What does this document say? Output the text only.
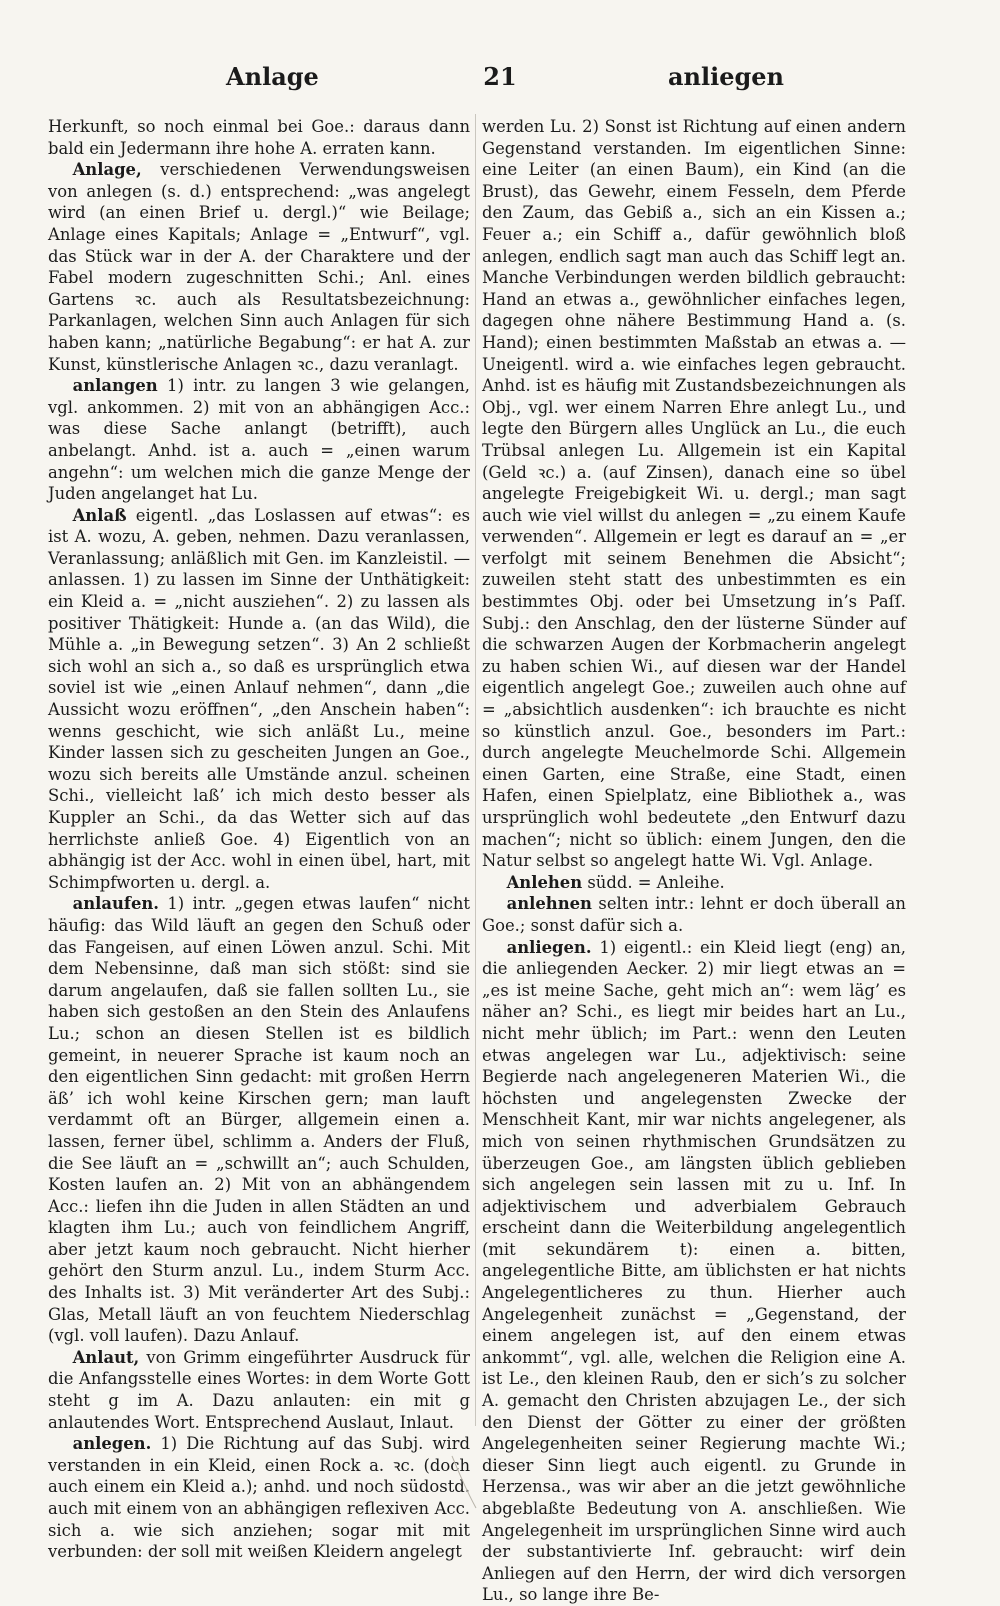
Anlage	21	anliegen

Herkunft, so noch einmal bei Goe.: daraus dann bald ein Jedermann ihre hohe A. erraten kann.

Anlage, verschiedenen Verwendungsweisen von anlegen (s. d.) entsprechend: „was angelegt wird (an einen Brief u. dergl.)“ wie Beilage; Anlage eines Kapitals; Anlage = „Entwurf“, vgl. das Stück war in der A. der Charaktere und der Fabel modern zugeschnitten Schi.; Anl. eines Gartens ꝛc. auch als Resultatsbezeichnung: Parkanlagen, welchen Sinn auch Anlagen für sich haben kann; „natürliche Begabung“: er hat A. zur Kunst, künstlerische Anlagen ꝛc., dazu veranlagt.

anlangen 1) intr. zu langen 3 wie gelangen, vgl. ankommen. 2) mit von an abhängigen Acc.: was diese Sache anlangt (betrifft), auch anbelangt. Anhd. ist a. auch = „einen warum angehn“: um welchen mich die ganze Menge der Juden angelanget hat Lu.

Anlaß eigentl. „das Loslassen auf etwas“: es ist A. wozu, A. geben, nehmen. Dazu veranlassen, Veranlassung; anläßlich mit Gen. im Kanzleistil. — anlassen. 1) zu lassen im Sinne der Unthätigkeit: ein Kleid a. = „nicht ausziehen“. 2) zu lassen als positiver Thätigkeit: Hunde a. (an das Wild), die Mühle a. „in Bewegung setzen“. 3) An 2 schließt sich wohl an sich a., so daß es ursprünglich etwa soviel ist wie „einen Anlauf nehmen“, dann „die Aussicht wozu eröffnen“, „den Anschein haben“: wenns geschicht, wie sich anläßt Lu., meine Kinder lassen sich zu gescheiten Jungen an Goe., wozu sich bereits alle Umstände anzul. scheinen Schi., vielleicht laß’ ich mich desto besser als Kuppler an Schi., da das Wetter sich auf das herrlichste anließ Goe. 4) Eigentlich von an abhängig ist der Acc. wohl in einen übel, hart, mit Schimpfworten u. dergl. a.

anlaufen. 1) intr. „gegen etwas laufen“ nicht häufig: das Wild läuft an gegen den Schuß oder das Fangeisen, auf einen Löwen anzul. Schi. Mit dem Nebensinne, daß man sich stößt: sind sie darum angelaufen, daß sie fallen sollten Lu., sie haben sich gestoßen an den Stein des Anlaufens Lu.; schon an diesen Stellen ist es bildlich gemeint, in neuerer Sprache ist kaum noch an den eigentlichen Sinn gedacht: mit großen Herrn äß’ ich wohl keine Kirschen gern; man lauft verdammt oft an Bürger, allgemein einen a. lassen, ferner übel, schlimm a. Anders der Fluß, die See läuft an = „schwillt an“; auch Schulden, Kosten laufen an. 2) Mit von an abhängendem Acc.: liefen ihn die Juden in allen Städten an und klagten ihm Lu.; auch von feindlichem Angriff, aber jetzt kaum noch gebraucht. Nicht hierher gehört den Sturm anzul. Lu., indem Sturm Acc. des Inhalts ist. 3) Mit veränderter Art des Subj.: Glas, Metall läuft an von feuchtem Niederschlag (vgl. voll laufen). Dazu Anlauf.

Anlaut, von Grimm eingeführter Ausdruck für die Anfangsstelle eines Wortes: in dem Worte Gott steht g im A. Dazu anlauten: ein mit g anlautendes Wort. Entsprechend Auslaut, Inlaut.

anlegen. 1) Die Richtung auf das Subj. wird verstanden in ein Kleid, einen Rock a. ꝛc. (doch auch einem ein Kleid a.); anhd. und noch südostd. auch mit einem von an abhängigen reflexiven Acc. sich a. wie sich anziehen; sogar mit mit verbunden: der soll mit weißen Kleidern angelegt

werden Lu. 2) Sonst ist Richtung auf einen andern Gegenstand verstanden. Im eigentlichen Sinne: eine Leiter (an einen Baum), ein Kind (an die Brust), das Gewehr, einem Fesseln, dem Pferde den Zaum, das Gebiß a., sich an ein Kissen a.; Feuer a.; ein Schiff a., dafür gewöhnlich bloß anlegen, endlich sagt man auch das Schiff legt an. Manche Verbindungen werden bildlich gebraucht: Hand an etwas a., gewöhnlicher einfaches legen, dagegen ohne nähere Bestimmung Hand a. (s. Hand); einen bestimmten Maßstab an etwas a. — Uneigentl. wird a. wie einfaches legen gebraucht. Anhd. ist es häufig mit Zustandsbezeichnungen als Obj., vgl. wer einem Narren Ehre anlegt Lu., und legte den Bürgern alles Unglück an Lu., die euch Trübsal anlegen Lu. Allgemein ist ein Kapital (Geld ꝛc.) a. (auf Zinsen), danach eine so übel angelegte Freigebigkeit Wi. u. dergl.; man sagt auch wie viel willst du anlegen = „zu einem Kaufe verwenden“. Allgemein er legt es darauf an = „er verfolgt mit seinem Benehmen die Absicht“; zuweilen steht statt des unbestimmten es ein bestimmtes Obj. oder bei Umsetzung in’s Paſſ. Subj.: den Anschlag, den der lüsterne Sünder auf die schwarzen Augen der Korbmacherin angelegt zu haben schien Wi., auf diesen war der Handel eigentlich angelegt Goe.; zuweilen auch ohne auf = „absichtlich ausdenken“: ich brauchte es nicht so künstlich anzul. Goe., besonders im Part.: durch angelegte Meuchelmorde Schi. Allgemein einen Garten, eine Straße, eine Stadt, einen Hafen, einen Spielplatz, eine Bibliothek a., was ursprünglich wohl bedeutete „den Entwurf dazu machen“; nicht so üblich: einem Jungen, den die Natur selbst so angelegt hatte Wi. Vgl. Anlage.

Anlehen südd. = Anleihe.

anlehnen selten intr.: lehnt er doch überall an Goe.; sonst dafür sich a.

anliegen. 1) eigentl.: ein Kleid liegt (eng) an, die anliegenden Aecker. 2) mir liegt etwas an = „es ist meine Sache, geht mich an“: wem läg’ es näher an? Schi., es liegt mir beides hart an Lu., nicht mehr üblich; im Part.: wenn den Leuten etwas angelegen war Lu., adjektivisch: seine Begierde nach angelegeneren Materien Wi., die höchsten und angelegensten Zwecke der Menschheit Kant, mir war nichts angelegener, als mich von seinen rhythmischen Grundsätzen zu überzeugen Goe., am längsten üblich geblieben sich angelegen sein lassen mit zu u. Inf. In adjektivischem und adverbialem Gebrauch erscheint dann die Weiterbildung angelegentlich (mit sekundärem t): einen a. bitten, angelegentliche Bitte, am üblichsten er hat nichts Angelegentlicheres zu thun. Hierher auch Angelegenheit zunächst = „Gegenstand, der einem angelegen ist, auf den einem etwas ankommt“, vgl. alle, welchen die Religion eine A. ist Le., den kleinen Raub, den er sich’s zu solcher A. gemacht den Christen abzujagen Le., der sich den Dienst der Götter zu einer der größten Angelegenheiten seiner Regierung machte Wi.; dieser Sinn liegt auch eigentl. zu Grunde in Herzensa., was wir aber an die jetzt gewöhnliche abgeblaßte Bedeutung von A. anschließen. Wie Angelegenheit im ursprünglichen Sinne wird auch der substantivierte Inf. gebraucht: wirf dein Anliegen auf den Herrn, der wird dich versorgen Lu., so lange ihre Be-
